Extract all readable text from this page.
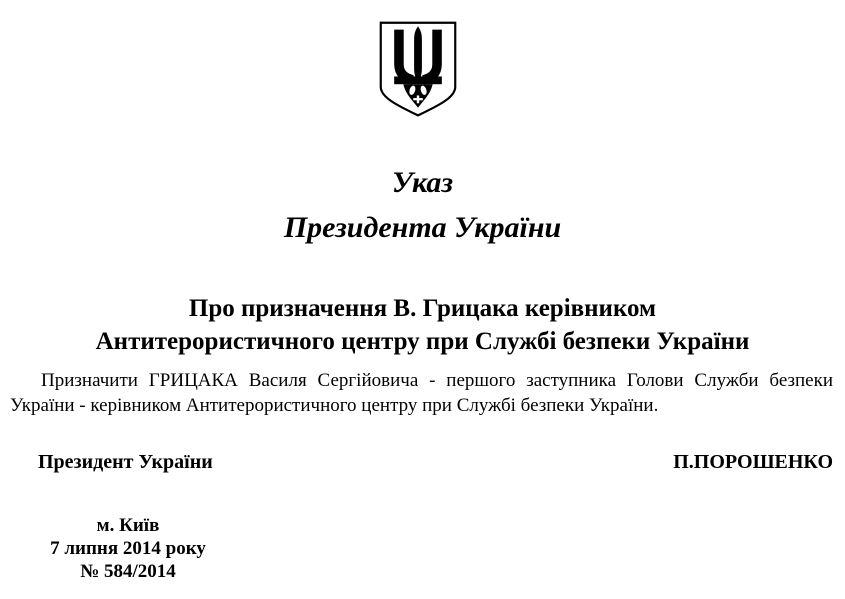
Указ
Президента України
Про призначення В. Грицака керівником
Антитерористичного центру при Службі безпеки України
Призначити ГРИЦАКА Василя Сергійовича - першого заступника Голови Служби безпеки України - керівником Антитерористичного центру при Службі безпеки України.
Президент України	П.ПОРОШЕНКО
м. Київ
7 липня 2014 року
№ 584/2014
